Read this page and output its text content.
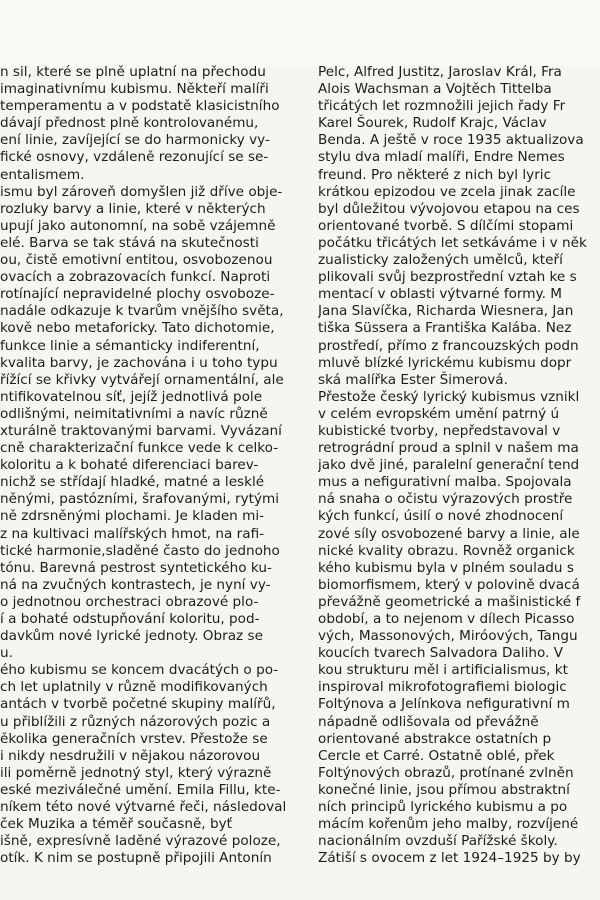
n sil, které se plně uplatní na přechodu
imaginativnímu kubismu. Někteří malíři
temperamentu a v podstatě klasicistního
dávají přednost plně kontrolovanému,
ení linie, zavíjející se do harmonicky vy-
fické osnovy, vzdáleně rezonující se se-
entalismem.
ismu byl zároveň domyšlen již dříve obje-
rozluky barvy a linie, které v některých
upují jako autonomní, na sobě vzájemně
elé. Barva se tak stává na skutečnosti
ou, čistě emotivní entitou, osvobozenou
ovacích a zobrazovacích funkcí. Naproti
rotínající nepravidelné plochy osvoboze-
nadále odkazuje k tvarům vnějšího světa,
kově nebo metaforicky. Tato dichotomie,
funkce linie a sémanticky indiferentní,
kvalita barvy, je zachována i u toho typu
řížící se křivky vytvářejí ornamentální, ale
ntifikovatelnou síť, jejíž jednotlivá pole
odlišnými, neimitativními a navíc různě
xturálně traktovanými barvami. Vyvázaní
cně charakterizační funkce vede k celko-
koloritu a k bohaté diferenciaci barev-
nichž se střídají hladké, matné a lesklé
něnými, pastózními, šrafovanými, rytými
ně zdrsněnými plochami. Je kladen mi-
z na kultivaci malířských hmot, na rafi-
tické harmonie,sladěné často do jednoho
tónu. Barevná pestrost syntetického ku-
ná na zvučných kontrastech, je nyní vy-
o jednotnou orchestraci obrazové plo-
í a bohaté odstupňování koloritu, pod-
davkům nové lyrické jednoty. Obraz se
u.
ého kubismu se koncem dvacátých o po-
ch let uplatnily v různě modifikovaných
antách v tvorbě početné skupiny malířů,
u přiblížili z různých názorových pozic a
ěkolika generačních vrstev. Přestože se
i nikdy nesdružili v nějakou názorovou
ili poměrně jednotný styl, který výrazně
eské meziválečné umění. Emila Fillu, kte-
níkem této nové výtvarné řeči, následoval
ček Muzika a téměř současně, byť
išně, expresívně laděné výrazové poloze,
otík. K nim se postupně připojili Antonín
Pelc, Alfred Justitz, Jaroslav Král, Fra
Alois Wachsman a Vojtěch Tittelba
třicátých let rozmnožili jejich řady Fr
Karel Šourek, Rudolf Krajc, Václav
Benda. A ještě v roce 1935 aktualizova
stylu dva mladí malíři, Endre Nemes
freund. Pro některé z nich byl lyric
krátkou epizodou ve zcela jinak zacíle
byl důležitou vývojovou etapou na ces
orientované tvorbě. S dílčími stopami
počátku třicátých let setkáváme i v něk
zualisticky založených umělců, kteří
plikovali svůj bezprostřední vztah ke s
mentací v oblasti výtvarné formy. M
Jana Slavíčka, Richarda Wiesnera, Jan
tiška Süssera a Františka Kalába. Nez
prostředí, přímo z francouzských podn
mluvě blízké lyrickému kubismu dopr
ská malířka Ester Šimerová.
Přestože český lyrický kubismus vznikl
v celém evropském umění patrný ú
kubistické tvorby, nepředstavoval v
retrográdní proud a splnil v našem ma
jako dvě jiné, paralelní generační tend
mus a nefigurativní malba. Spojovala
ná snaha o očistu výrazových prostře
kých funkcí, úsilí o nové zhodnocení
zové síly osvobozené barvy a linie, ale
nické kvality obrazu. Rovněž organick
kého kubismu byla v plném souladu s
biomorfismem, který v polovině dvacá
převážně geometrické a mašinistické f
období, a to nejenom v dílech Picasso
vých, Massonových, Miróových, Tangu
koucích tvarech Salvadora Daliho. V
kou strukturu měl i artificialismus, kt
inspiroval mikrofotografiemi biologic
Foltýnova a Jelínkova nefigurativní m
nápadně odlišovala od převážně
orientované abstrakce ostatních p
Cercle et Carré. Ostatně oblé, přek
Foltýnových obrazů, protínané zvlněn
konečné linie, jsou přímou abstraktní
ních principů lyrického kubismu a po
mácím kořenům jeho malby, rozvíjené
nacionálním ovzduší Pařížské školy.
Zátiší s ovocem z let 1924–1925 by by
